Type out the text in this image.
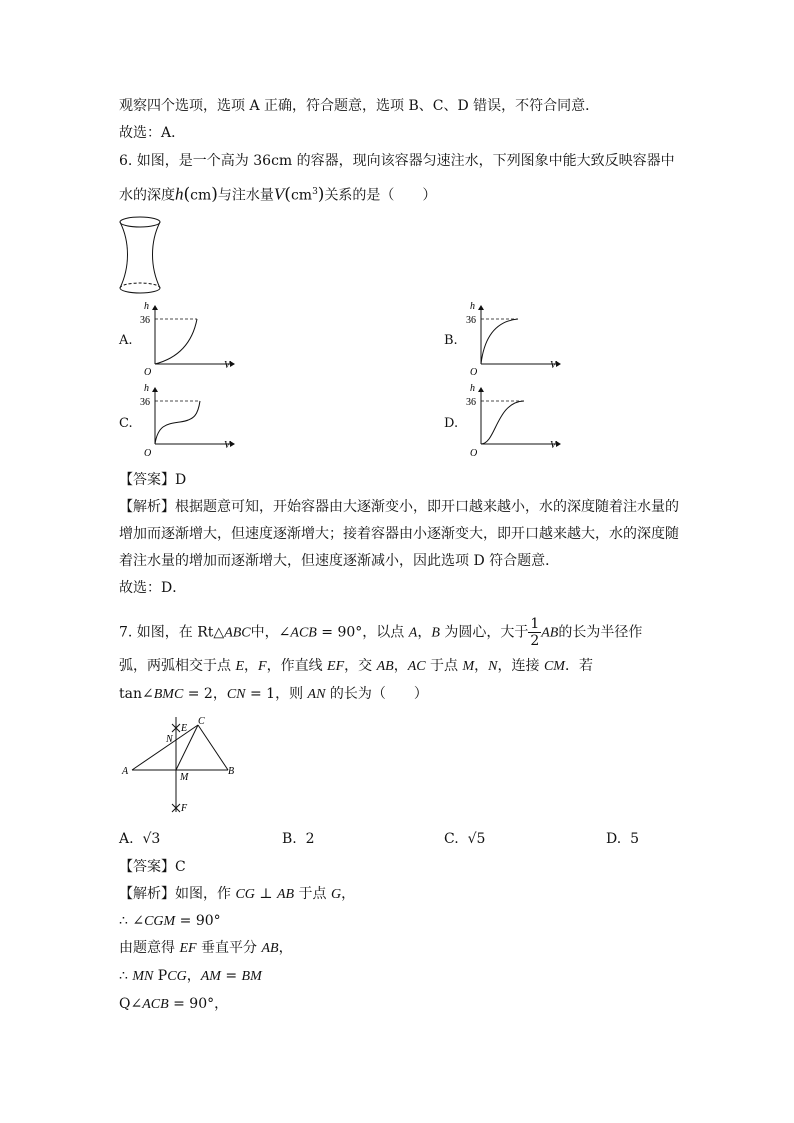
观察四个选项，选项 A 正确，符合题意，选项 B、C、D 错误，不符合同意．
故选：A．
6. 如图，是一个高为 36cm 的容器，现向该容器匀速注水，下列图象中能大致反映容器中
水的深度h(cm)与注水量$V(cm^3)$关系的是（　　）
A.
h
36
O
V
B.
h
36
O
V
C.
h
36
O
V
D.
h
36
O
V
【答案】D
【解析】根据题意可知，开始容器由大逐渐变小，即开口越来越小，水的深度随着注水量的
增加而逐渐增大，但速度逐渐增大；接着容器由小逐渐变大，即开口越来越大，水的深度随
着注水量的增加而逐渐增大，但速度逐渐减小，因此选项 D 符合题意．
故选：D．
7. 如图，在 Rt△ABC中，∠ACB = 90°，以点 A，B 为圆心，大于 $\frac{1}{2}$ AB的长为半径作
弧，两弧相交于点 E，F，作直线 EF，交 AB，AC 于点 M，N，连接 CM．若
tan∠BMC = 2，CN = 1，则 AN 的长为（　　）
A	B
C
E
F
M
N
A. √3	B. 2	C. √5	D. 5
【答案】C
【解析】如图，作 CG ⊥ AB 于点 G，
∴ ∠CGM = 90°
由题意得 EF 垂直平分 AB，
∴ MN PCG，AM = BM
Q∠ACB = 90°，
